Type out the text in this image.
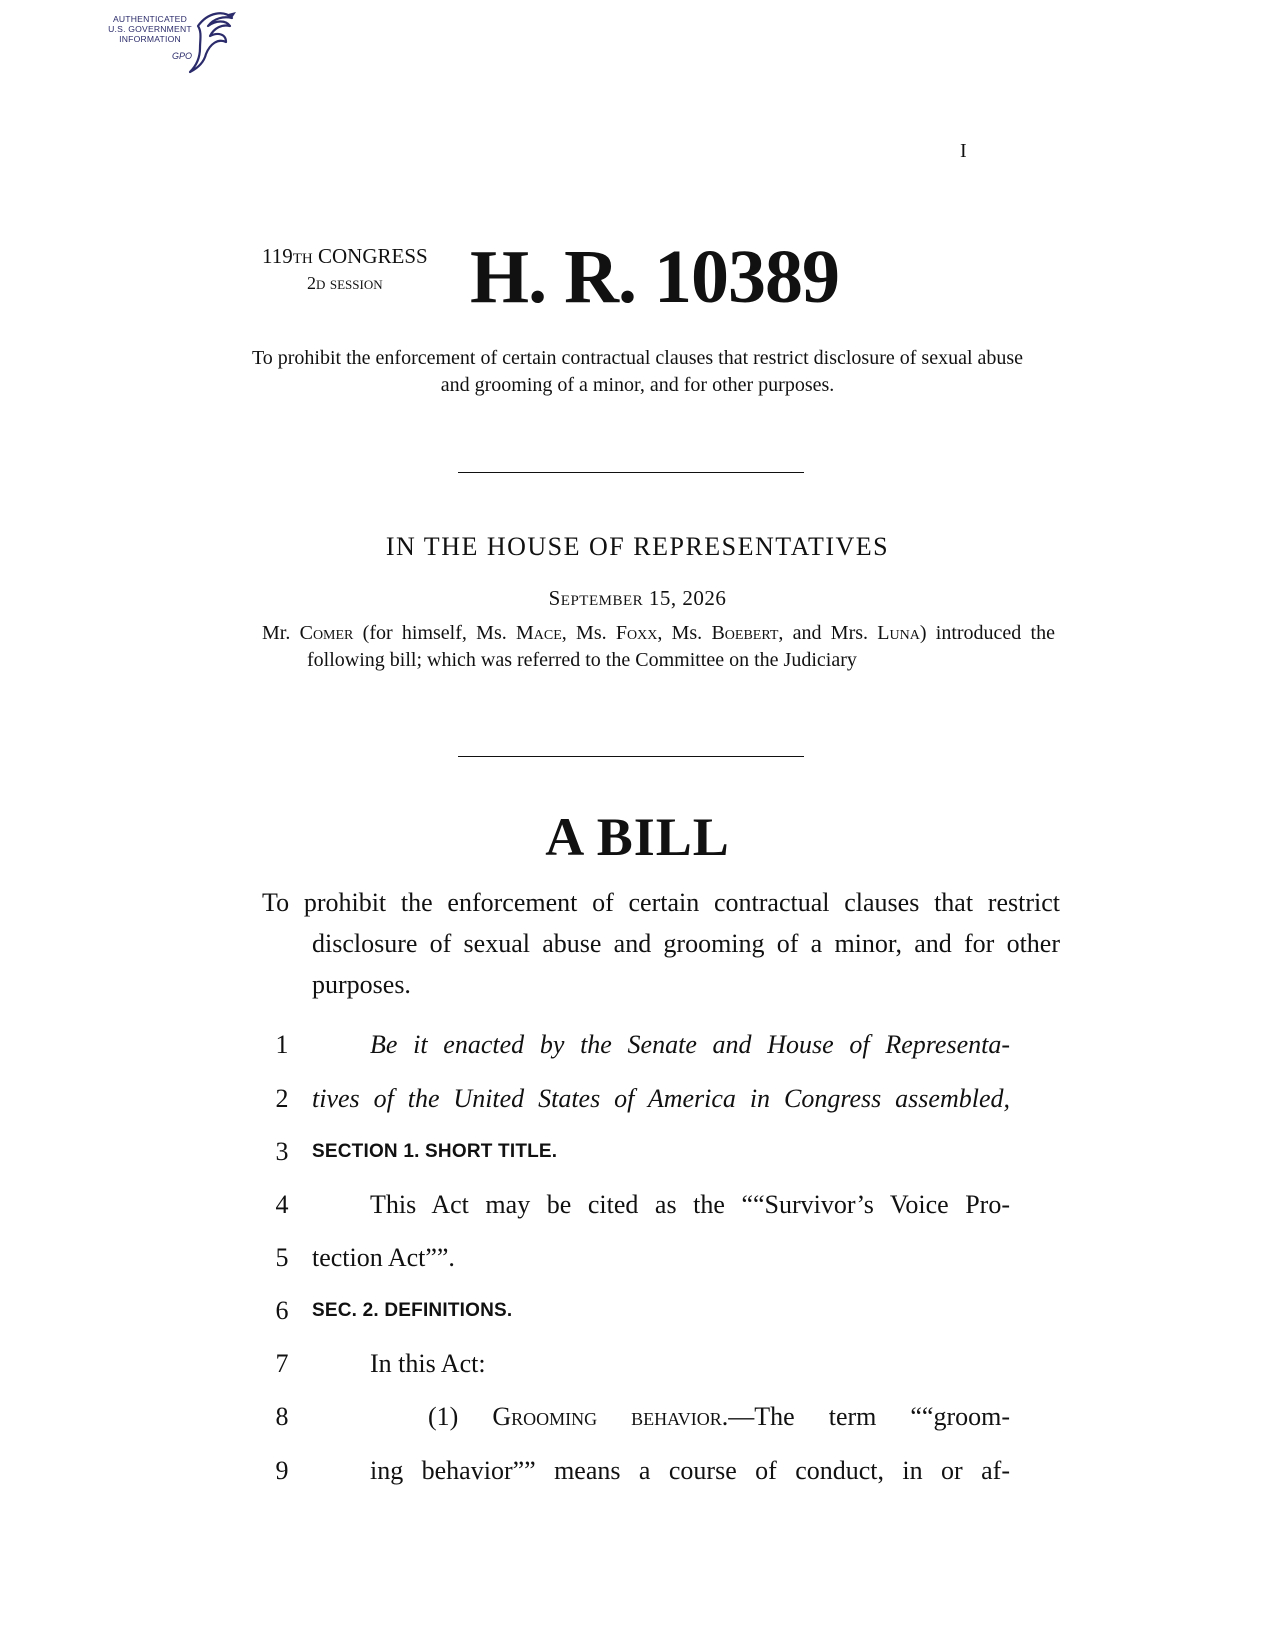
AUTHENTICATED
U.S. GOVERNMENT
INFORMATION
GPO
I
119TH CONGRESS
2D SESSION	H. R. 10389
To prohibit the enforcement of certain contractual clauses that restrict disclosure of sexual abuse and grooming of a minor, and for other purposes.
IN THE HOUSE OF REPRESENTATIVES
September 15, 2026
Mr. Comer (for himself, Ms. Mace, Ms. Foxx, Ms. Boebert, and Mrs. Luna) introduced the following bill; which was referred to the Committee on the Judiciary
A BILL
To prohibit the enforcement of certain contractual clauses that restrict disclosure of sexual abuse and grooming of a minor, and for other purposes.
1	Be it enacted by the Senate and House of Representa-
2 tives of the United States of America in Congress assembled,
3	SECTION 1. SHORT TITLE.
4	This Act may be cited as the ““Survivor’s Voice Pro-
5 tection Act””.
6	SEC. 2. DEFINITIONS.
7	In this Act:
8	(1) Grooming behavior.—The term ““groom-
9	ing behavior”” means a course of conduct, in or af-
